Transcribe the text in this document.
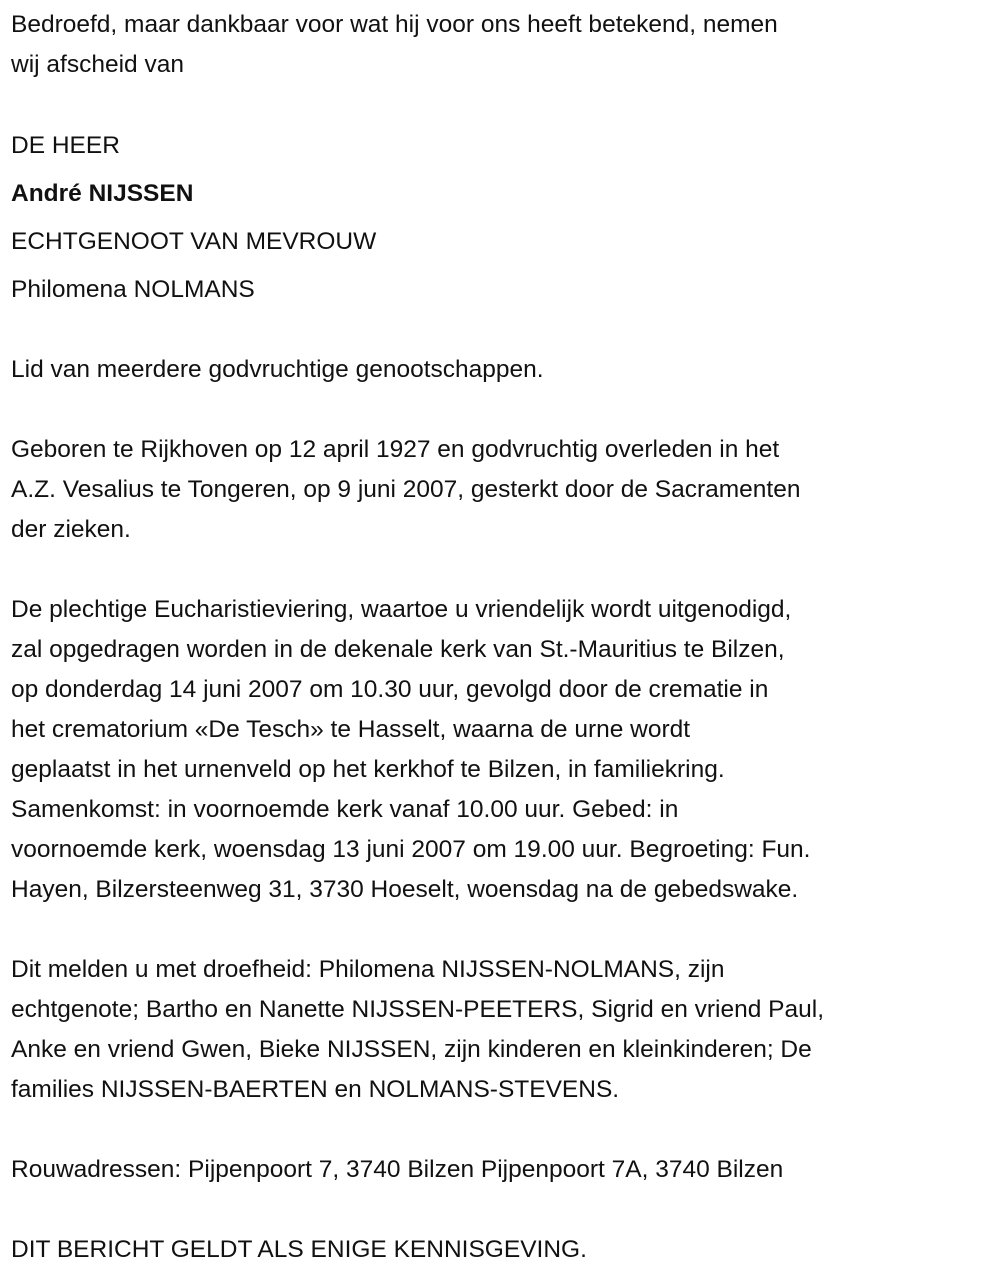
Bedroefd, maar dankbaar voor wat hij voor ons heeft betekend, nemen
wij afscheid van
DE HEER
André NIJSSEN
ECHTGENOOT VAN MEVROUW
Philomena NOLMANS
Lid van meerdere godvruchtige genootschappen.
Geboren te Rijkhoven op 12 april 1927 en godvruchtig overleden in het
A.Z. Vesalius te Tongeren, op 9 juni 2007, gesterkt door de Sacramenten
der zieken.
De plechtige Eucharistieviering, waartoe u vriendelijk wordt uitgenodigd,
zal opgedragen worden in de dekenale kerk van St.-Mauritius te Bilzen,
op donderdag 14 juni 2007 om 10.30 uur, gevolgd door de crematie in
het crematorium «De Tesch» te Hasselt, waarna de urne wordt
geplaatst in het urnenveld op het kerkhof te Bilzen, in familiekring.
Samenkomst: in voornoemde kerk vanaf 10.00 uur. Gebed: in
voornoemde kerk, woensdag 13 juni 2007 om 19.00 uur. Begroeting: Fun.
Hayen, Bilzersteenweg 31, 3730 Hoeselt, woensdag na de gebedswake.
Dit melden u met droefheid: Philomena NIJSSEN-NOLMANS, zijn
echtgenote; Bartho en Nanette NIJSSEN-PEETERS, Sigrid en vriend Paul,
Anke en vriend Gwen, Bieke NIJSSEN, zijn kinderen en kleinkinderen; De
families NIJSSEN-BAERTEN en NOLMANS-STEVENS.
Rouwadressen: Pijpenpoort 7, 3740 Bilzen Pijpenpoort 7A, 3740 Bilzen
DIT BERICHT GELDT ALS ENIGE KENNISGEVING.
